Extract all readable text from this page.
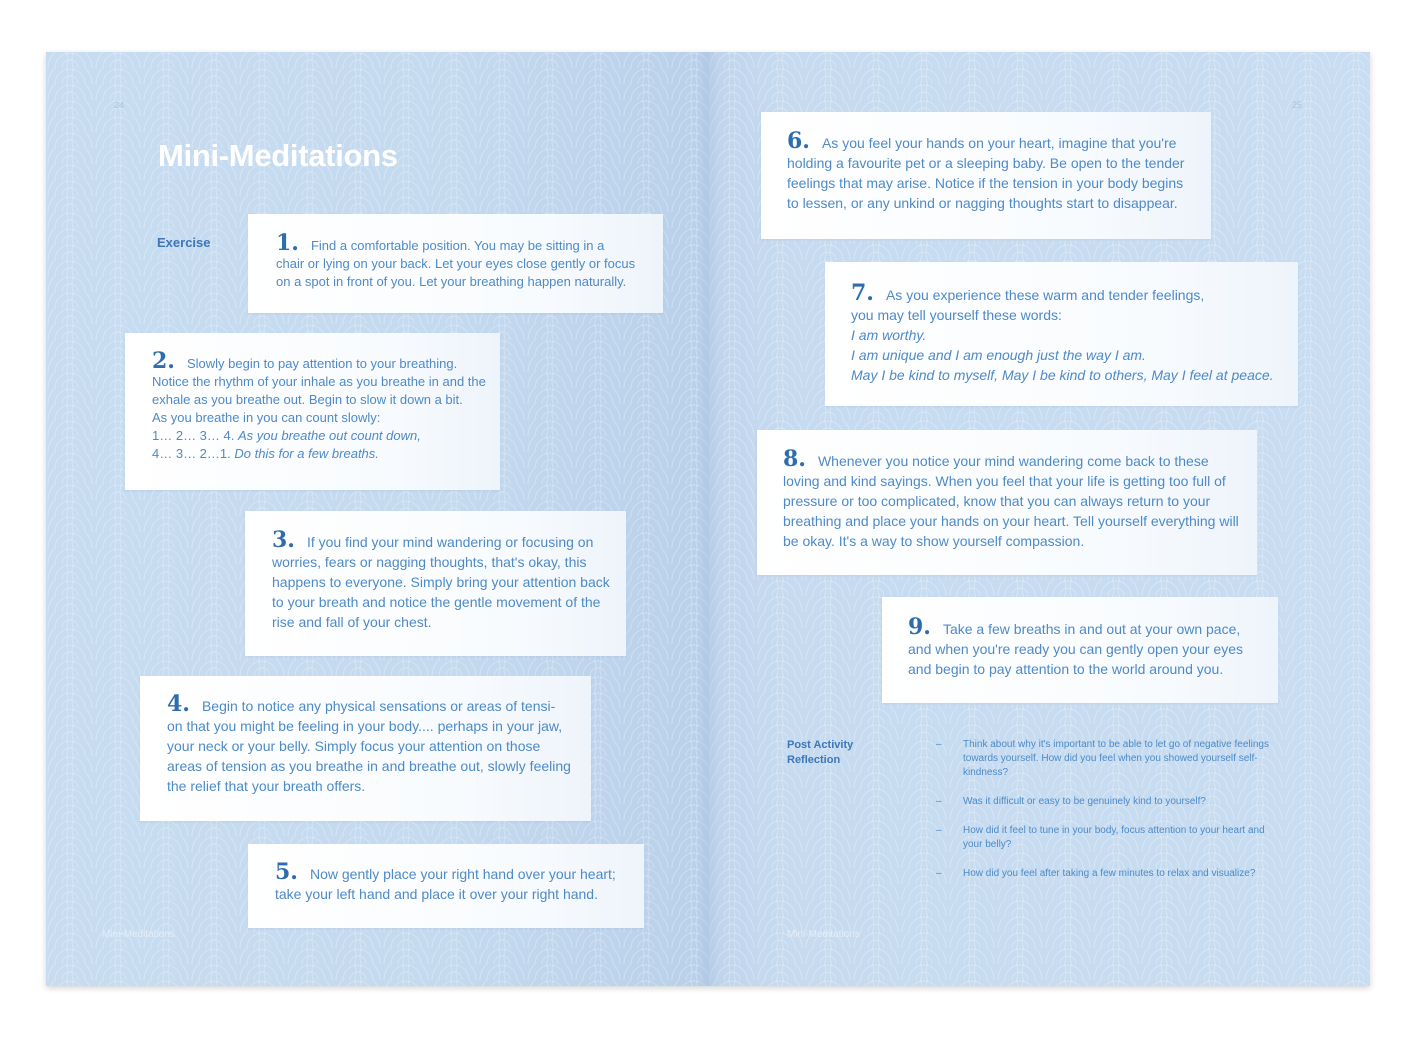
24
Mini-Meditations
Exercise	1. Find a comfortable position. You may be sitting in a

chair or lying on your back. Let your eyes close gently or focus

on a spot in front of you. Let your breathing happen naturally.

2. Slowly begin to pay attention to your breathing.

Notice the rhythm of your inhale as you breathe in and the

exhale as you breathe out. Begin to slow it down a bit.

As you breathe in you can count slowly:

1… 2… 3… 4. As you breathe out count down,

4… 3… 2…1. Do this for a few breaths.

3. If you find your mind wandering or focusing on

worries, fears or nagging thoughts, that's okay, this

happens to everyone. Simply bring your attention back

to your breath and notice the gentle movement of the

rise and fall of your chest.

4. Begin to notice any physical sensations or areas of tensi-

on that you might be feeling in your body.... perhaps in your jaw,

your neck or your belly. Simply focus your attention on those

areas of tension as you breathe in and breathe out, slowly feeling

the relief that your breath offers.

5. Now gently place your right hand over your heart;

take your left hand and place it over your right hand.

Mini-Meditations
25

6. As you feel your hands on your heart, imagine that you're

holding a favourite pet or a sleeping baby. Be open to the tender

feelings that may arise. Notice if the tension in your body begins

to lessen, or any unkind or nagging thoughts start to disappear.

7. As you experience these warm and tender feelings,

you may tell yourself these words:

I am worthy.

I am unique and I am enough just the way I am.

May I be kind to myself, May I be kind to others, May I feel at peace.

8. Whenever you notice your mind wandering come back to these

loving and kind sayings. When you feel that your life is getting too full of

pressure or too complicated, know that you can always return to your

breathing and place your hands on your heart. Tell yourself everything will

be okay. It's a way to show yourself compassion.

9. Take a few breaths in and out at your own pace,

and when you're ready you can gently open your eyes

and begin to pay attention to the world around you.

Post Activity
Reflection
– Think about why it's important to be able to let go of negative feelings towards yourself. How did you feel when you showed yourself self-kindness?
– Was it difficult or easy to be genuinely kind to yourself?
– How did it feel to tune in your body, focus attention to your heart and your belly?
– How did you feel after taking a few minutes to relax and visualize?
Mini-Meditations
